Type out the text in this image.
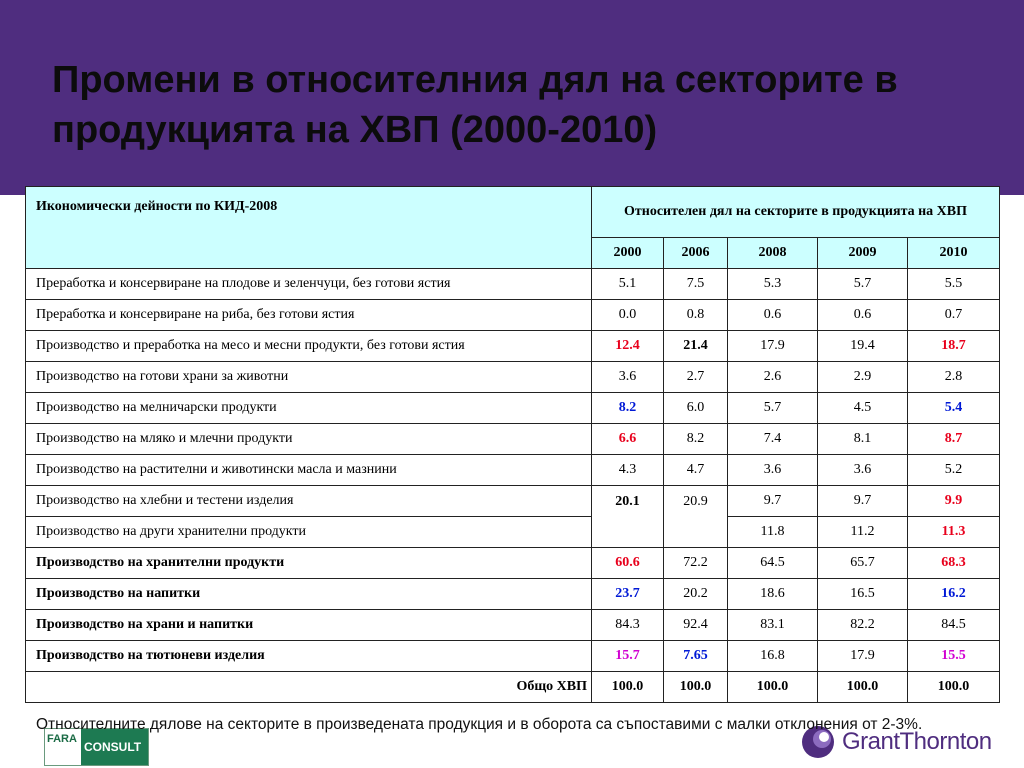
Промени в относителния дял на секторите в
продукцията на ХВП (2000-2010)
Икономически дейности по КИД-2008	Относителен дял на секторите в продукцията на ХВП				
	2000	2006	2008	2009	2010
Преработка и консервиране на плодове и зеленчуци, без готови ястия	5.1	7.5	5.3	5.7	5.5
Преработка и консервиране на риба, без готови ястия	0.0	0.8	0.6	0.6	0.7
Производство и преработка на месо и месни продукти, без готови ястия	12.4	21.4	17.9	19.4	18.7
Производство на готови храни за животни	3.6	2.7	2.6	2.9	2.8
Производство на мелничарски продукти	8.2	6.0	5.7	4.5	5.4
Производство на мляко и млечни продукти	6.6	8.2	7.4	8.1	8.7
Производство на растителни и животински масла и мазнини	4.3	4.7	3.6	3.6	5.2
Производство на хлебни и тестени изделия	20.1	20.9	9.7	9.7	9.9
Производство на други хранителни продукти			11.8	11.2	11.3
Производство на хранителни продукти	60.6	72.2	64.5	65.7	68.3
Производство на напитки	23.7	20.2	18.6	16.5	16.2
Производство на храни и напитки	84.3	92.4	83.1	82.2	84.5
Производство на тютюневи изделия	15.7	7.65	16.8	17.9	15.5
Общо ХВП	100.0	100.0	100.0	100.0	100.0
FARA
CONSULT	GrantThornton
Относителните дялове на секторите в произведената продукция и в оборота са съпоставими с малки отклонения от 2-3%.
